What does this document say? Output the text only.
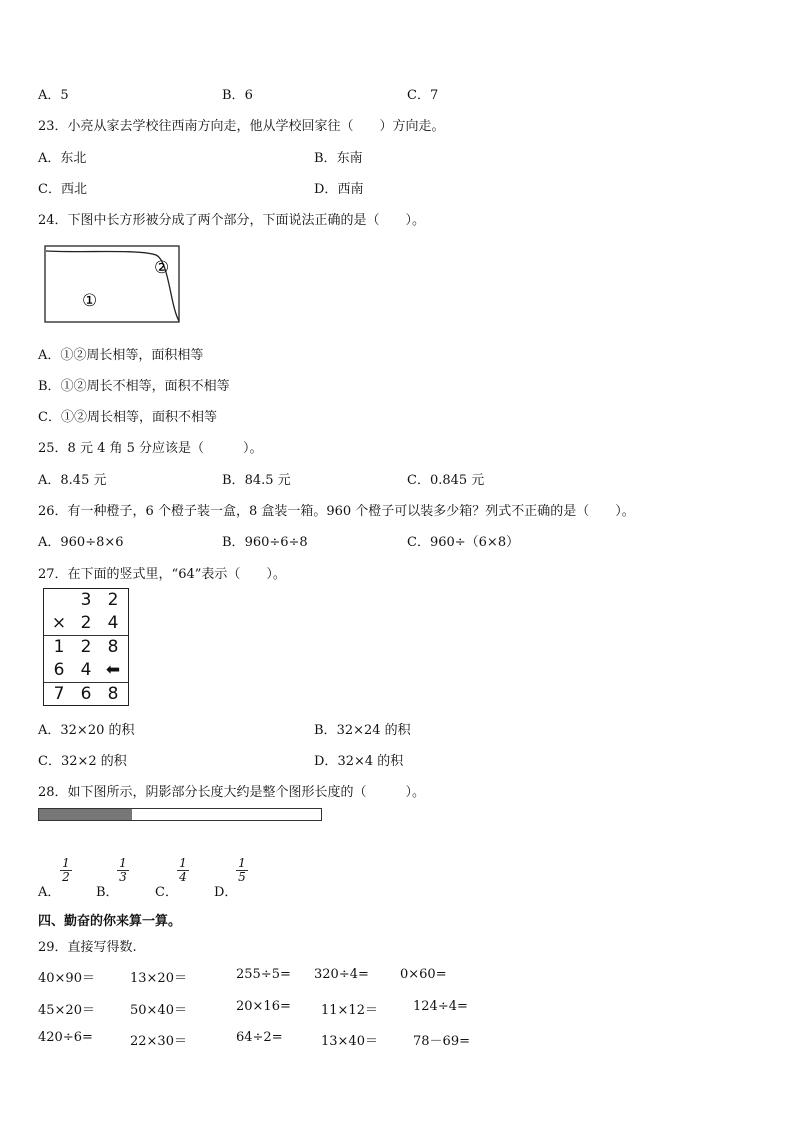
A．5	B．6	C．7
23．小亮从家去学校往西南方向走，他从学校回家往（　　）方向走。
A．东北	B．东南
C．西北	D．西南
24．下图中长方形被分成了两个部分，下面说法正确的是（　　）。
①
②
A．①②周长相等，面积相等
B．①②周长不相等，面积不相等
C．①②周长相等，面积不相等
25．8 元 4 角 5 分应该是（　　　）。
A．8.45 元	B．84.5 元	C．0.845 元
26．有一种橙子，6 个橙子装一盒，8 盒装一箱。960 个橙子可以装多少箱？列式不正确的是（　　）。
A．960÷8×6	B．960÷6÷8	C．960÷（6×8）
27．在下面的竖式里，“64”表示（　　）。
3 2
× 2 4
1 2 8
6 4 ⬅
7 6 8
A．32×20 的积	B．32×24 的积
C．32×2 的积	D．32×4 的积
28．如下图所示，阴影部分长度大约是整个图形长度的（　　　）。
A．
$\frac{1}{2}$
B．
$\frac{1}{3}$
C．
$\frac{1}{4}$
D．
$\frac{1}{5}$
四、勤奋的你来算一算。
29．直接写得数.
40×90＝	13×20＝	255÷5= 320÷4= 0×60=
45×20＝	50×40＝	20×16= 11×12＝	124÷4=
420÷6=	22×30＝	64÷2=	13×40＝	78－69=
